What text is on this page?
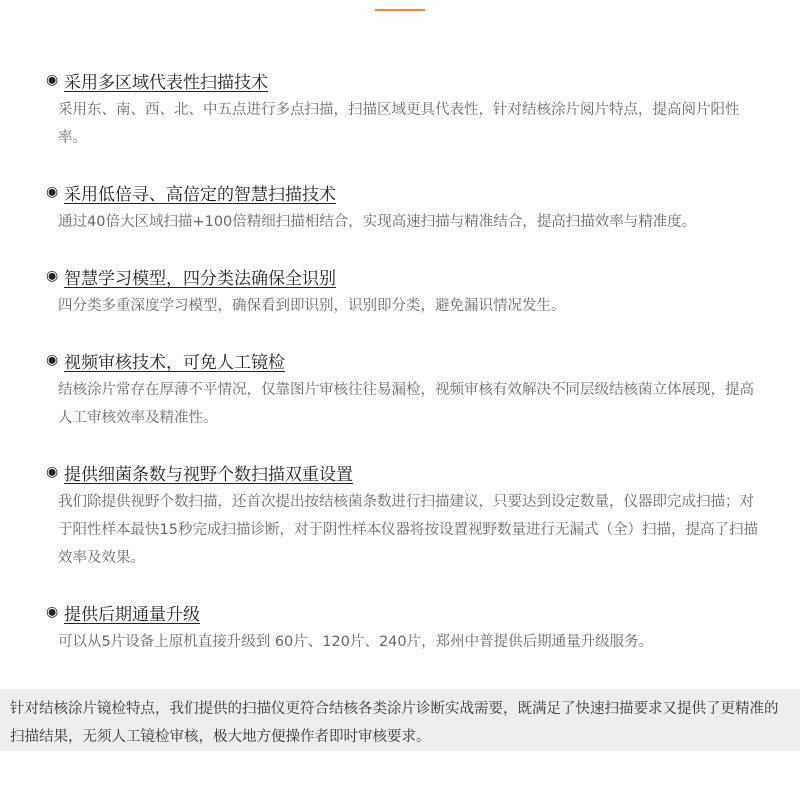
◉ 采用多区域代表性扫描技术
采用东、南、西、北、中五点进行多点扫描，扫描区域更具代表性，针对结核涂片阅片特点，提高阅片阳性率。
◉ 采用低倍寻、高倍定的智慧扫描技术
通过40倍大区域扫描+100倍精细扫描相结合，实现高速扫描与精准结合，提高扫描效率与精准度。
◉ 智慧学习模型，四分类法确保全识别
四分类多重深度学习模型，确保看到即识别，识别即分类，避免漏识情况发生。
◉ 视频审核技术，可免人工镜检
结核涂片常存在厚薄不平情况，仅靠图片审核往往易漏检，视频审核有效解决不同层级结核菌立体展现，提高人工审核效率及精准性。
◉ 提供细菌条数与视野个数扫描双重设置
我们除提供视野个数扫描，还首次提出按结核菌条数进行扫描建议，只要达到设定数量，仪器即完成扫描；对于阳性样本最快15秒完成扫描诊断，对于阴性样本仪器将按设置视野数量进行无漏式（全）扫描，提高了扫描效率及效果。
◉ 提供后期通量升级
可以从5片设备上原机直接升级到 60片、120片、240片，郑州中普提供后期通量升级服务。

针对结核涂片镜检特点，我们提供的扫描仪更符合结核各类涂片诊断实战需要，既满足了快速扫描要求又提供了更精准的扫描结果，无须人工镜检审核，极大地方便操作者即时审核要求。
